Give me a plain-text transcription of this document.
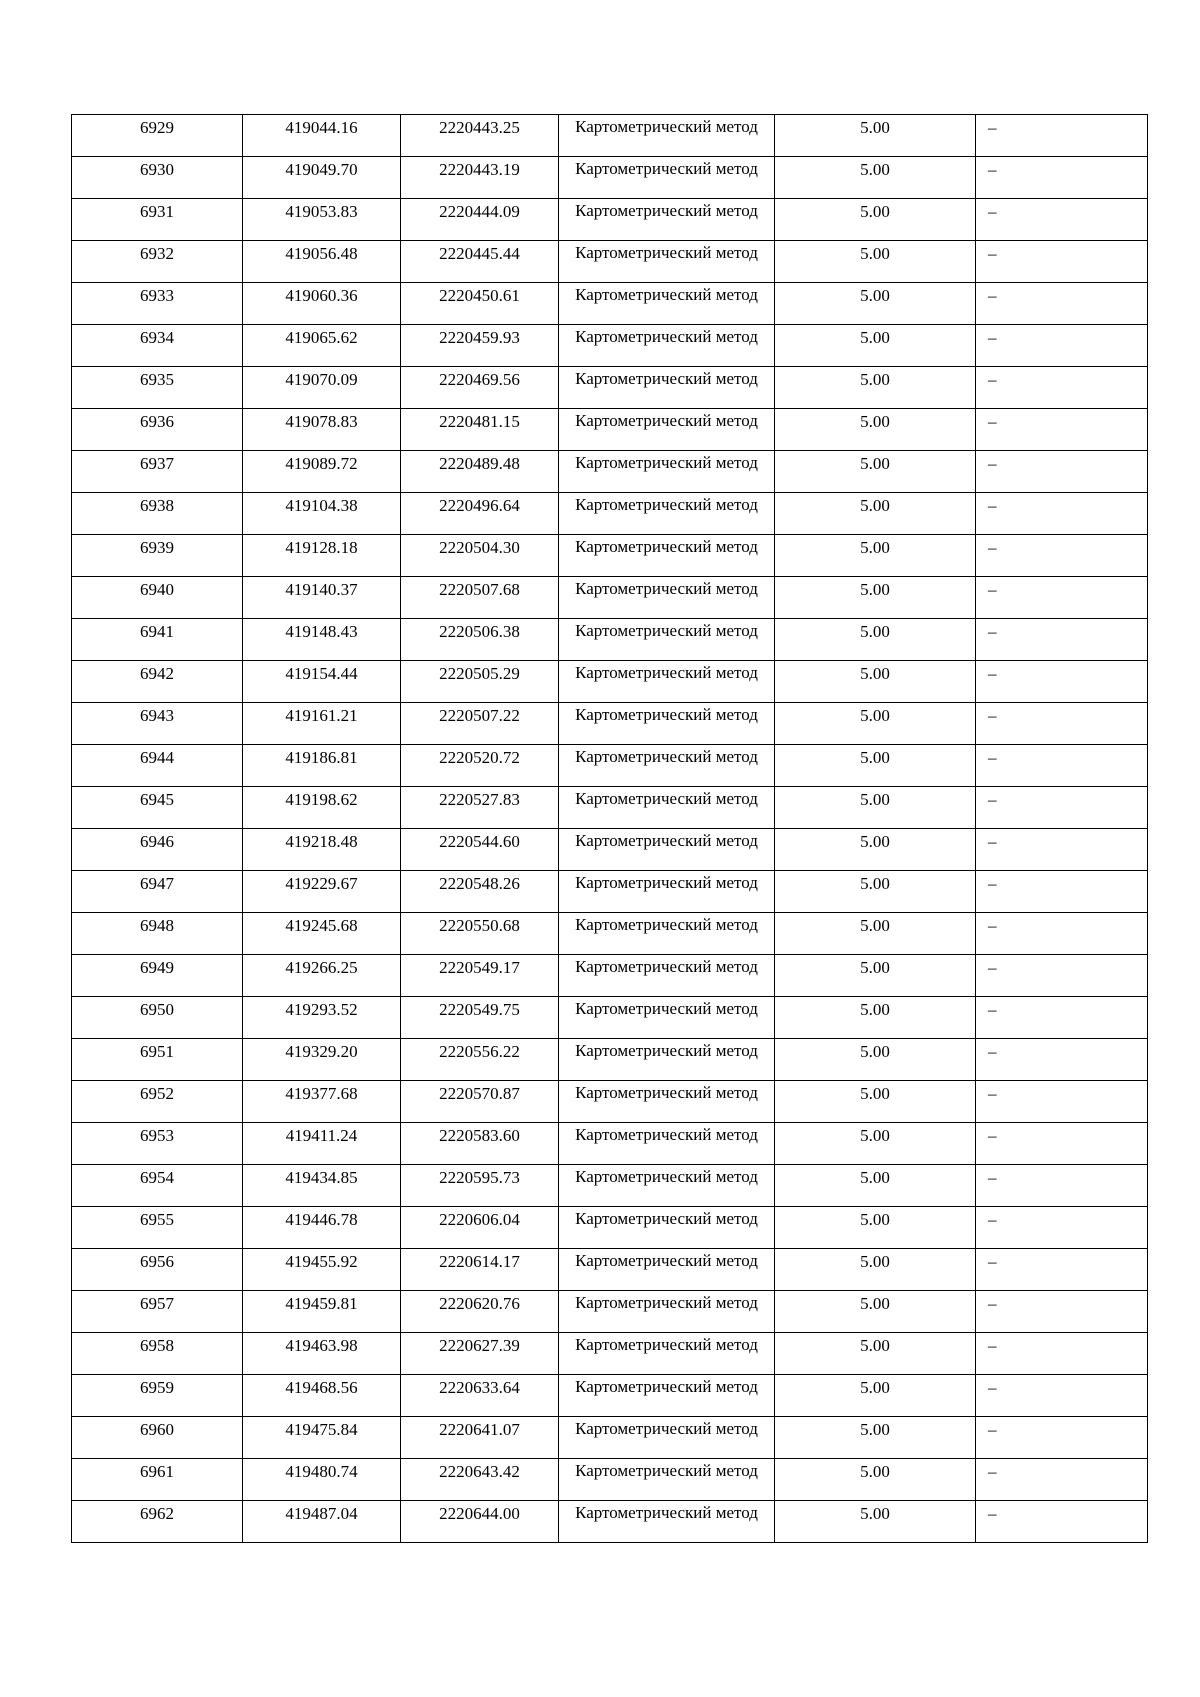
6929	419044.16	2220443.25	Картометрический метод	5.00	–

6930	419049.70	2220443.19	Картометрический метод	5.00	–

6931	419053.83	2220444.09	Картометрический метод	5.00	–

6932	419056.48	2220445.44	Картометрический метод	5.00	–

6933	419060.36	2220450.61	Картометрический метод	5.00	–

6934	419065.62	2220459.93	Картометрический метод	5.00	–

6935	419070.09	2220469.56	Картометрический метод	5.00	–

6936	419078.83	2220481.15	Картометрический метод	5.00	–

6937	419089.72	2220489.48	Картометрический метод	5.00	–

6938	419104.38	2220496.64	Картометрический метод	5.00	–

6939	419128.18	2220504.30	Картометрический метод	5.00	–

6940	419140.37	2220507.68	Картометрический метод	5.00	–

6941	419148.43	2220506.38	Картометрический метод	5.00	–

6942	419154.44	2220505.29	Картометрический метод	5.00	–

6943	419161.21	2220507.22	Картометрический метод	5.00	–

6944	419186.81	2220520.72	Картометрический метод	5.00	–

6945	419198.62	2220527.83	Картометрический метод	5.00	–

6946	419218.48	2220544.60	Картометрический метод	5.00	–

6947	419229.67	2220548.26	Картометрический метод	5.00	–

6948	419245.68	2220550.68	Картометрический метод	5.00	–

6949	419266.25	2220549.17	Картометрический метод	5.00	–

6950	419293.52	2220549.75	Картометрический метод	5.00	–

6951	419329.20	2220556.22	Картометрический метод	5.00	–

6952	419377.68	2220570.87	Картометрический метод	5.00	–

6953	419411.24	2220583.60	Картометрический метод	5.00	–

6954	419434.85	2220595.73	Картометрический метод	5.00	–

6955	419446.78	2220606.04	Картометрический метод	5.00	–

6956	419455.92	2220614.17	Картометрический метод	5.00	–

6957	419459.81	2220620.76	Картометрический метод	5.00	–

6958	419463.98	2220627.39	Картометрический метод	5.00	–

6959	419468.56	2220633.64	Картометрический метод	5.00	–

6960	419475.84	2220641.07	Картометрический метод	5.00	–

6961	419480.74	2220643.42	Картометрический метод	5.00	–

6962	419487.04	2220644.00	Картометрический метод	5.00	–
